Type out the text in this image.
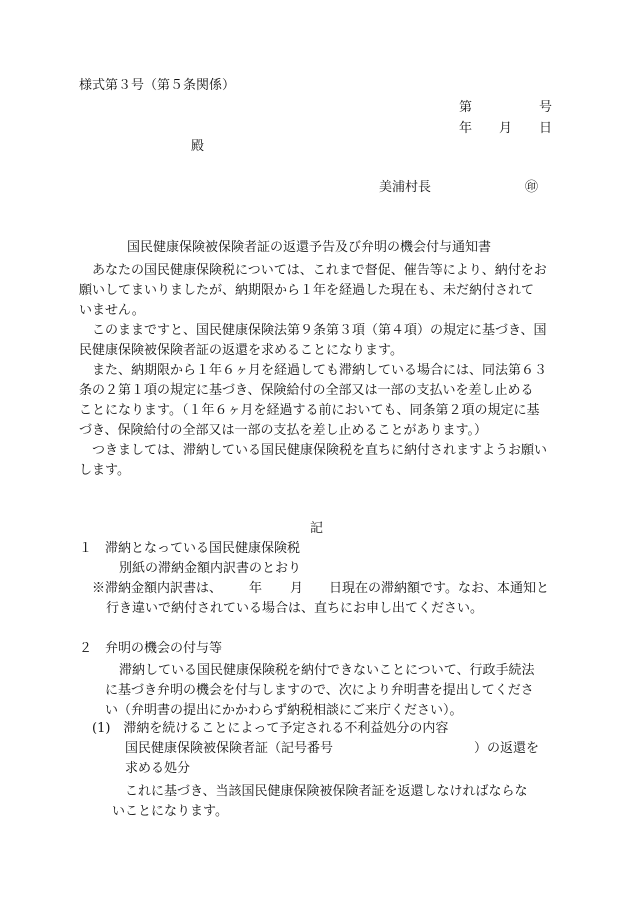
様式第３号（第５条関係）
第	号
年 月 日
殿
美浦村長	㊞
国民健康保険被保険者証の返還予告及び弁明の機会付与通知書
あなたの国民健康保険税については、これまで督促、催告等により、納付をお
願いしてまいりましたが、納期限から１年を経過した現在も、未だ納付されて
いません。
このままですと、国民健康保険法第９条第３項（第４項）の規定に基づき、国
民健康保険被保険者証の返還を求めることになります。
また、納期限から１年６ヶ月を経過しても滞納している場合には、同法第６３
条の２第１項の規定に基づき、保険給付の全部又は一部の支払いを差し止める
ことになります。（１年６ヶ月を経過する前においても、同条第２項の規定に基
づき、保険給付の全部又は一部の支払を差し止めることがあります。）
つきましては、滞納している国民健康保険税を直ちに納付されますようお願い
します。
記
１　滞納となっている国民健康保険税
別紙の滞納金額内訳書のとおり
※滞納金額内訳書は、 年 月 日現在の滞納額です。なお、本通知と
行き違いで納付されている場合は、直ちにお申し出てください。
２　弁明の機会の付与等
滞納している国民健康保険税を納付できないことについて、行政手続法
に基づき弁明の機会を付与しますので、次により弁明書を提出してくださ
い（弁明書の提出にかかわらず納税相談にご来庁ください）。
(1)　滞納を続けることによって予定される不利益処分の内容
国民健康保険被保険者証（記号番号	）の返還を
求める処分
これに基づき、当該国民健康保険被保険者証を返還しなければならな
いことになります。
